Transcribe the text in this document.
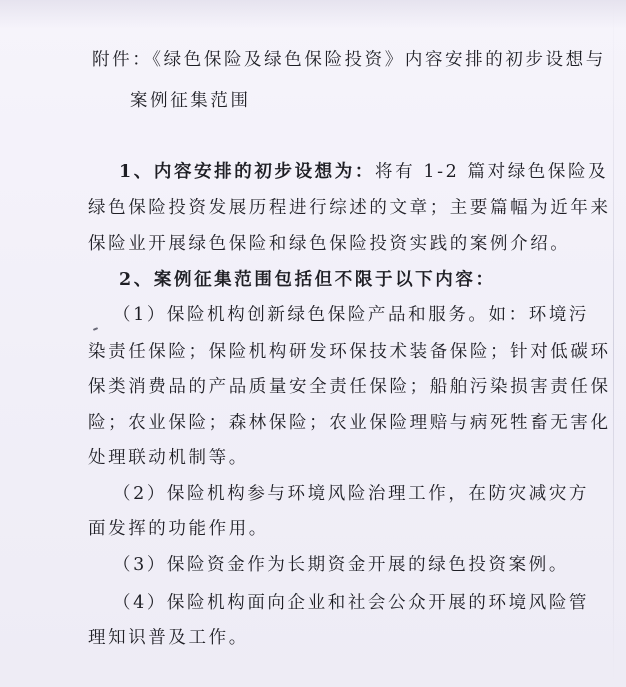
附件：《绿色保险及绿色保险投资》内容安排的初步设想与
案例征集范围
1、内容安排的初步设想为：将有 1-2 篇对绿色保险及
绿色保险投资发展历程进行综述的文章；主要篇幅为近年来
保险业开展绿色保险和绿色保险投资实践的案例介绍。
2、案例征集范围包括但不限于以下内容：
（1）保险机构创新绿色保险产品和服务。如：环境污
染责任保险；保险机构研发环保技术装备保险；针对低碳环
保类消费品的产品质量安全责任保险；船舶污染损害责任保
险；农业保险；森林保险；农业保险理赔与病死牲畜无害化
处理联动机制等。
（2）保险机构参与环境风险治理工作，在防灾减灾方
面发挥的功能作用。
（3）保险资金作为长期资金开展的绿色投资案例。
（4）保险机构面向企业和社会公众开展的环境风险管
理知识普及工作。
